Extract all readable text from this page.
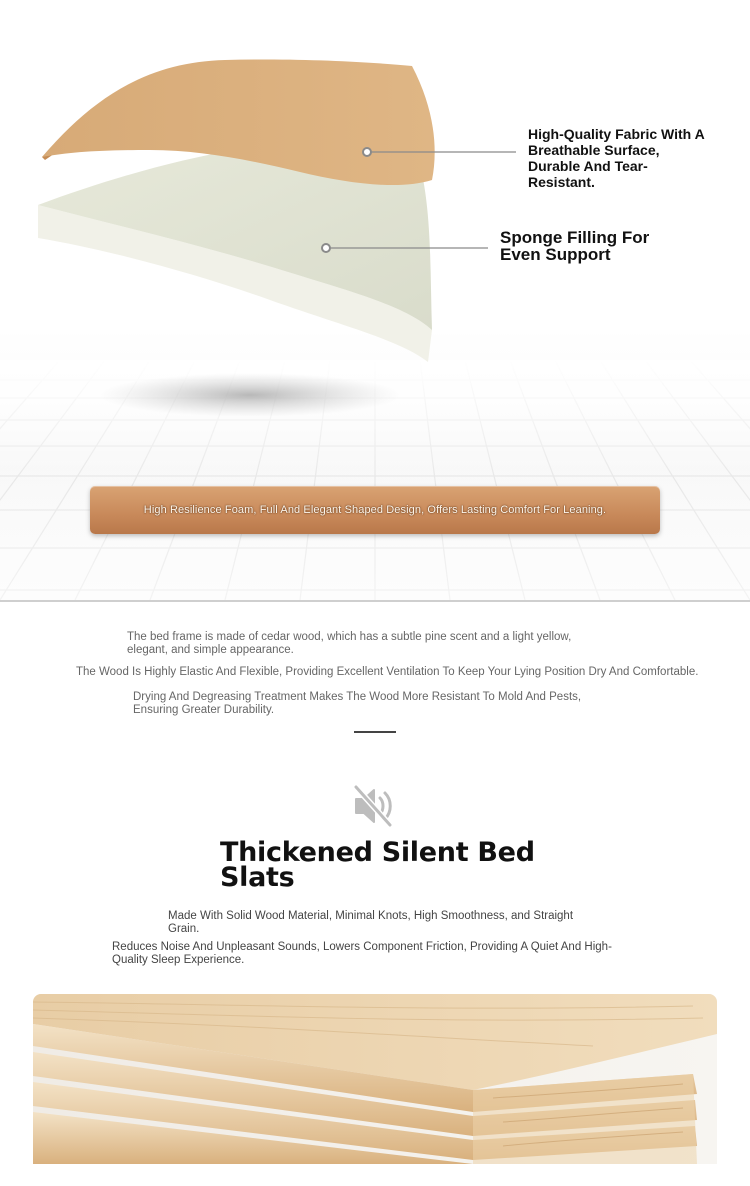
High-Quality Fabric With A Breathable Surface, Durable And Tear-Resistant.
Sponge Filling For Even Support
High Resilience Foam, Full And Elegant Shaped Design, Offers Lasting Comfort For Leaning.
The bed frame is made of cedar wood, which has a subtle pine scent and a light yellow, elegant, and simple appearance.
The Wood Is Highly Elastic And Flexible, Providing Excellent Ventilation To Keep Your Lying Position Dry And Comfortable.
Drying And Degreasing Treatment Makes The Wood More Resistant To Mold And Pests, Ensuring Greater Durability.
Thickened Silent Bed Slats
Made With Solid Wood Material, Minimal Knots, High Smoothness, and Straight Grain.
Reduces Noise And Unpleasant Sounds, Lowers Component Friction, Providing A Quiet And High-Quality Sleep Experience.
